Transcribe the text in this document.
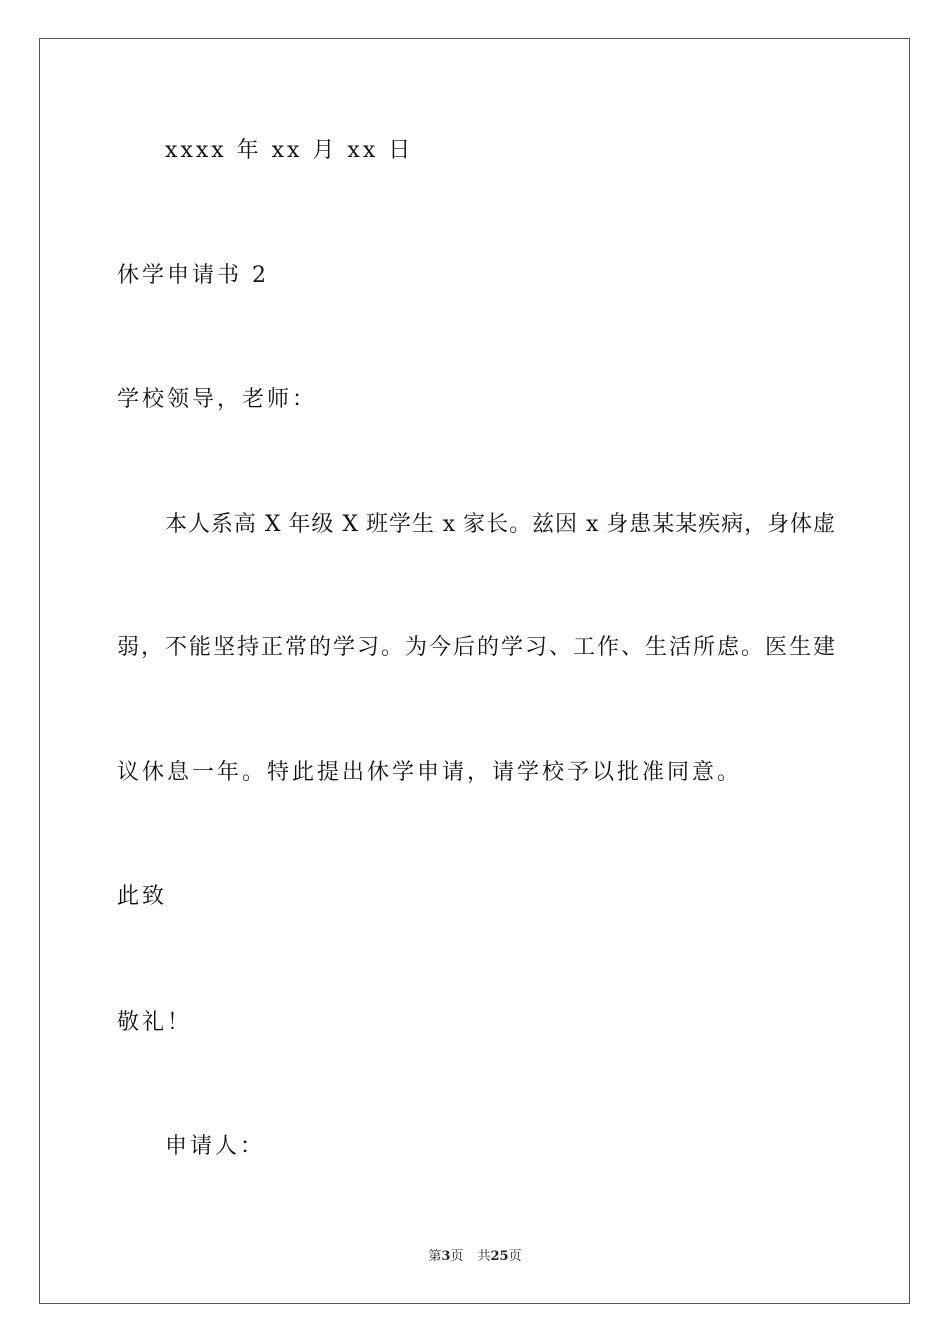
xxxx 年 xx 月 xx 日
休学申请书 2
学校领导，老师：
本人系高 X 年级 X 班学生 x 家长。兹因 x 身患某某疾病，身体虚
弱，不能坚持正常的学习。为今后的学习、工作、生活所虑。医生建
议休息一年。特此提出休学申请，请学校予以批准同意。
此致
敬礼！
申请人：
第3页 共25页
